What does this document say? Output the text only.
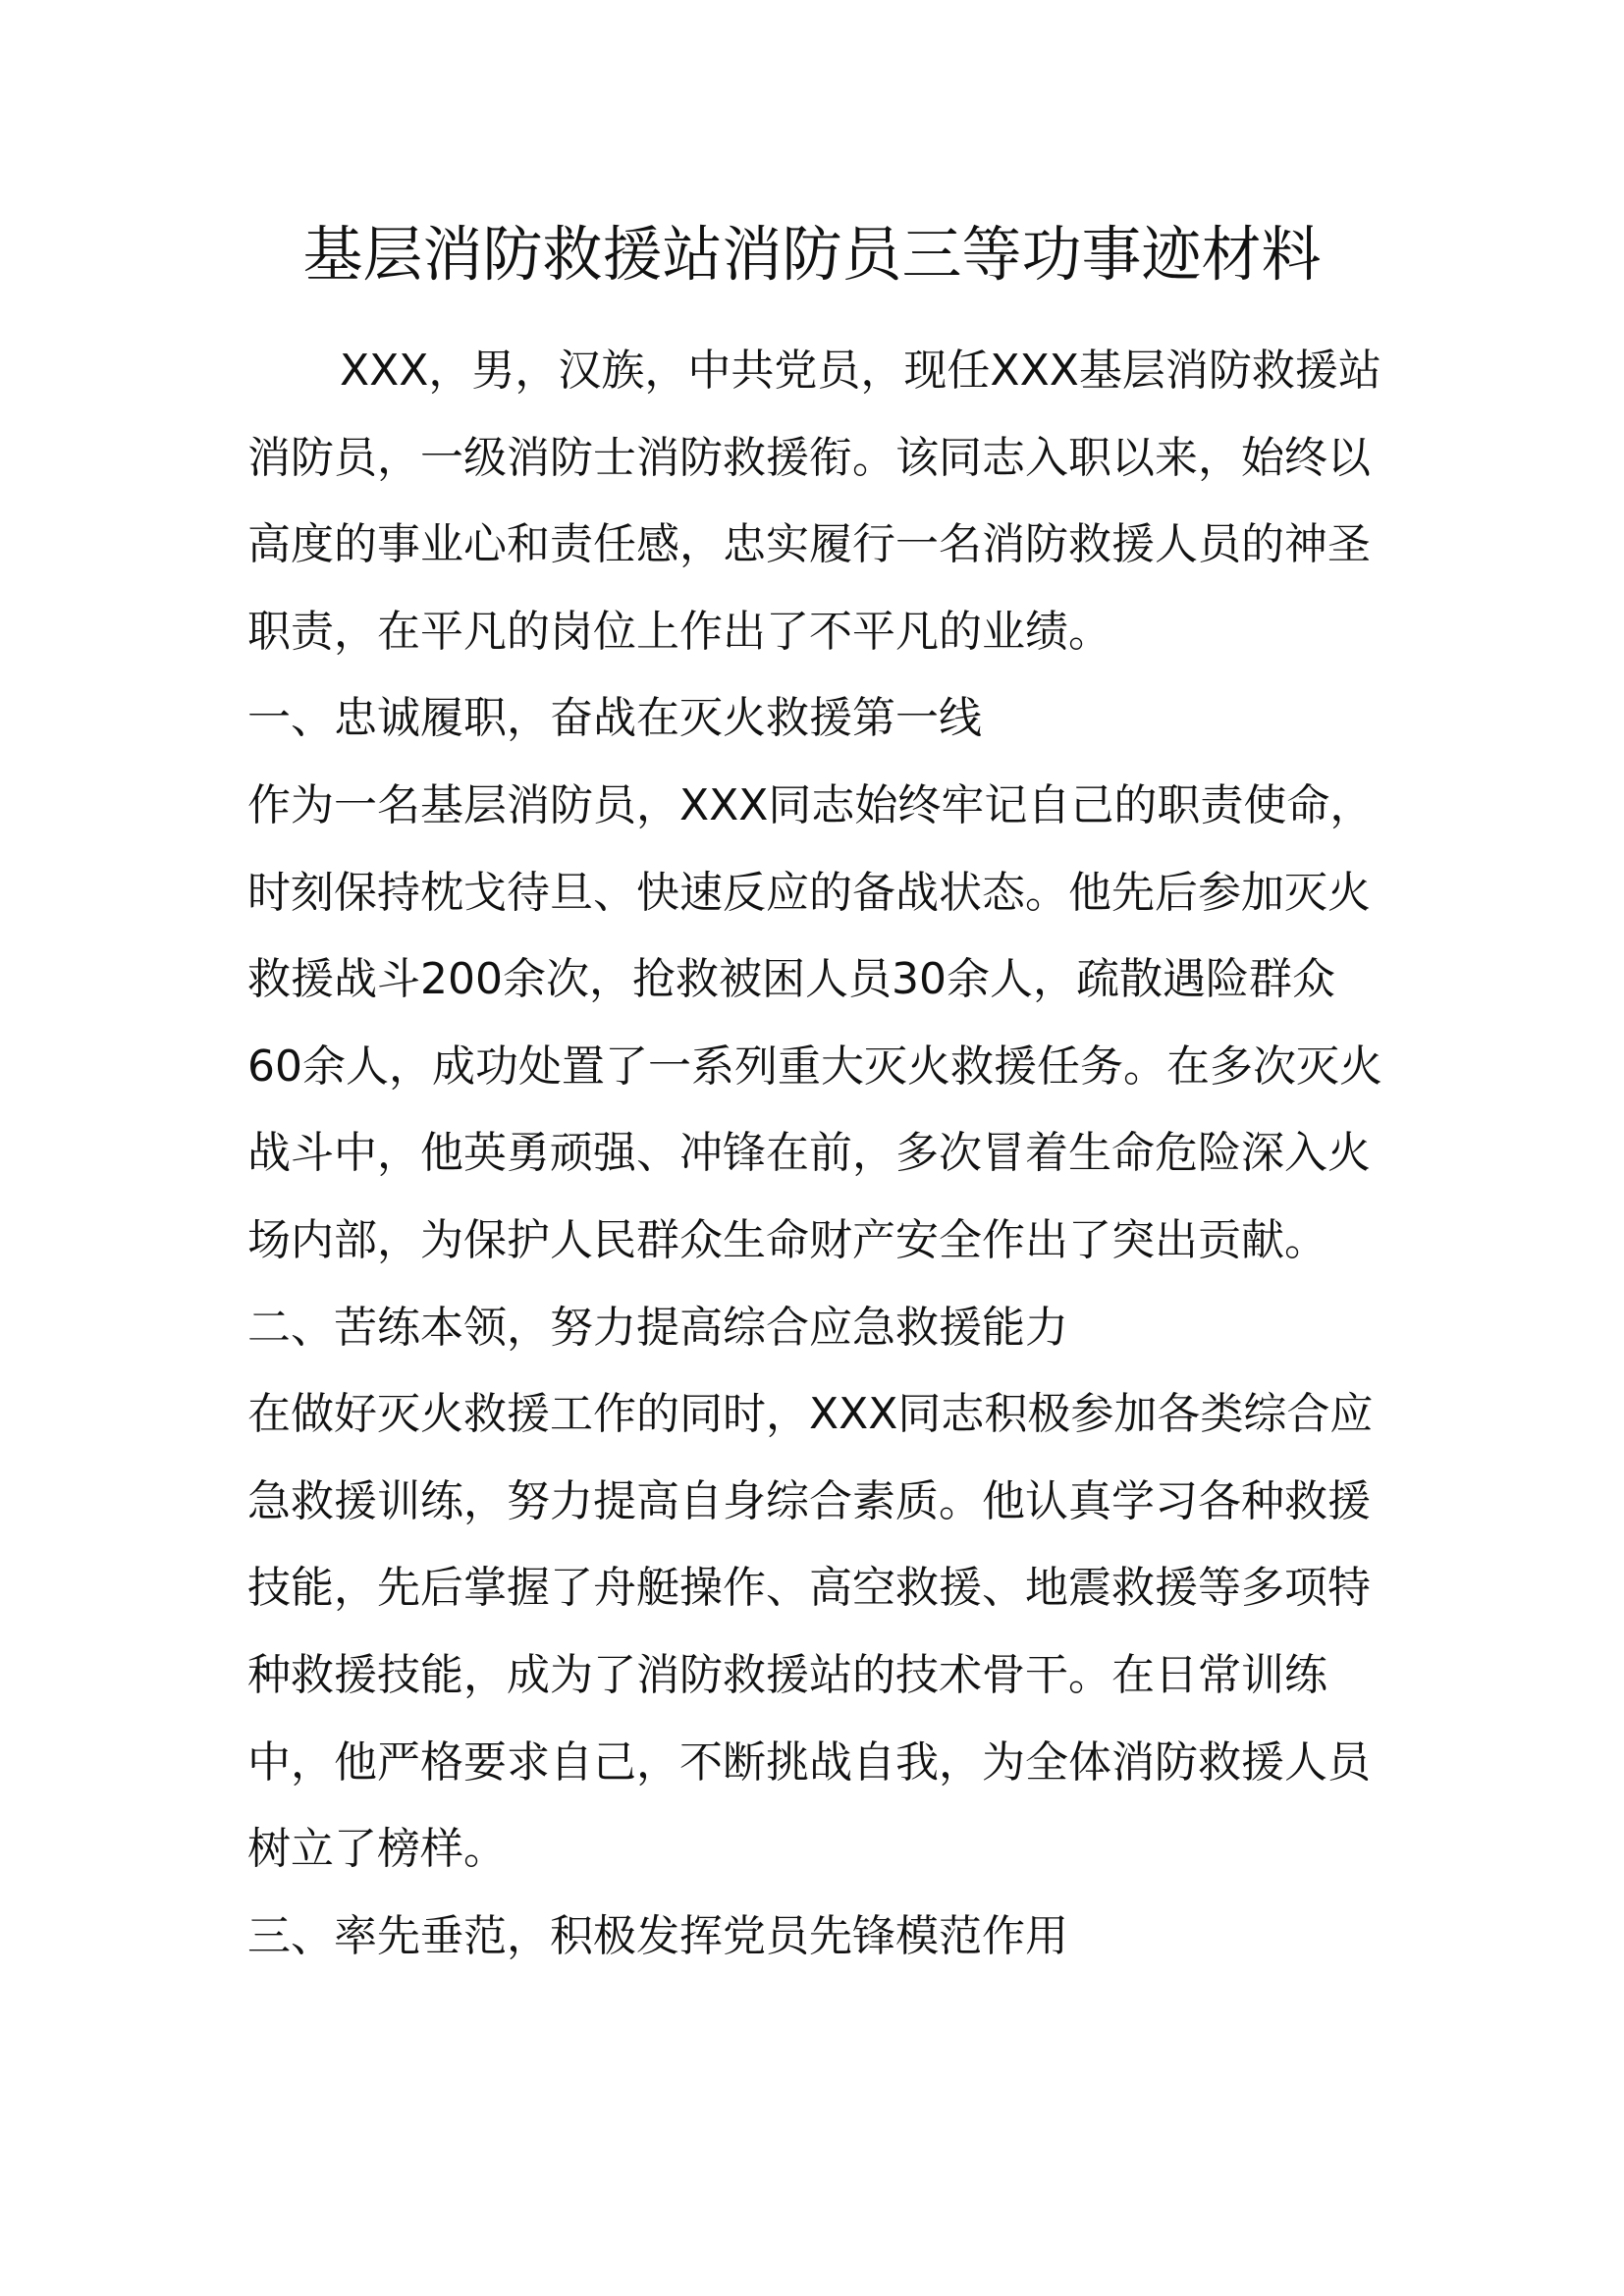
基层消防救援站消防员三等功事迹材料

XXX，男，汉族，中共党员，现任XXX基层消防救援站消防员，一级消防士消防救援衔。该同志入职以来，始终以高度的事业心和责任感，忠实履行一名消防救援人员的神圣职责，在平凡的岗位上作出了不平凡的业绩。

一、忠诚履职，奋战在灭火救援第一线

作为一名基层消防员，XXX同志始终牢记自己的职责使命，时刻保持枕戈待旦、快速反应的备战状态。他先后参加灭火救援战斗200余次，抢救被困人员30余人，疏散遇险群众60余人，成功处置了一系列重大灭火救援任务。在多次灭火战斗中，他英勇顽强、冲锋在前，多次冒着生命危险深入火场内部，为保护人民群众生命财产安全作出了突出贡献。

二、苦练本领，努力提高综合应急救援能力

在做好灭火救援工作的同时，XXX同志积极参加各类综合应急救援训练，努力提高自身综合素质。他认真学习各种救援技能，先后掌握了舟艇操作、高空救援、地震救援等多项特种救援技能，成为了消防救援站的技术骨干。在日常训练中，他严格要求自己，不断挑战自我，为全体消防救援人员树立了榜样。

三、率先垂范，积极发挥党员先锋模范作用
